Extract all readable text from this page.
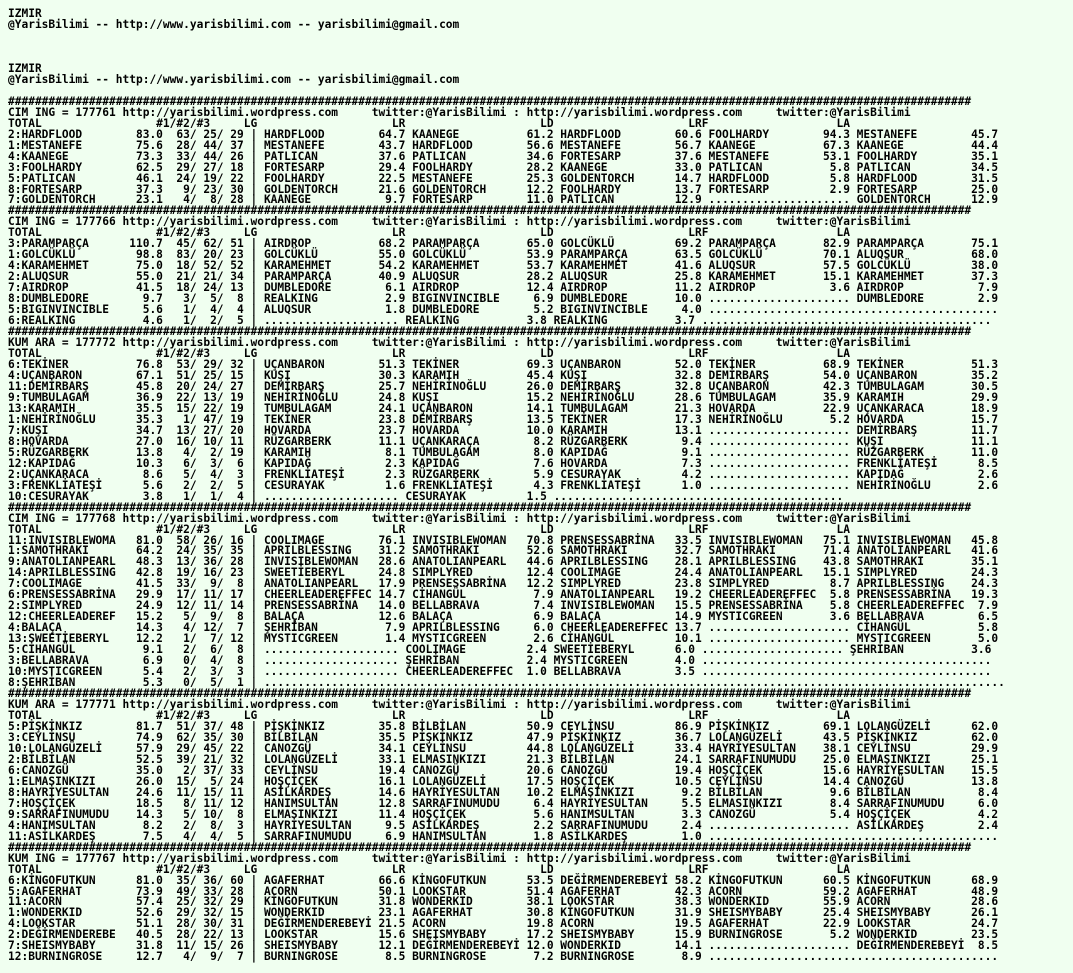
IZMIR
@YarisBilimi -- http://www.yarisbilimi.com -- yarisbilimi@gmail.com
IZMIR
@YarisBilimi -- http://www.yarisbilimi.com -- yarisbilimi@gmail.com
###############################################################################################################################################
CIM ING = 177761 http://yarisbilimi.wordpress.com     twitter:@YarisBilimi : http://yarisbilimi.wordpress.com     twitter:@YarisBilimi
TOTAL                 #1/#2/#3     LG                    LR                    LD                    LRF                   LA
2:HARDFLOOD        83.0  63/ 25/ 29 | HARDFLOOD        64.7 KAANEGE          61.2 HARDFLOOD        60.6 FOOLHARDY        94.3 MESTANEFE        45.7
1:MESTANEFE        75.6  28/ 44/ 37 | MESTANEFE        43.7 HARDFLOOD        56.6 MESTANEFE        56.7 KAANEGE          67.3 KAANEGE          44.4
4:KAANEGE          73.3  33/ 44/ 26 | PATLICAN         37.6 PATLICAN         34.6 FORTESARP        37.6 MESTANEFE        53.1 FOOLHARDY        35.1
3:FOOLHARDY        62.5  29/ 27/ 18 | FORTESARP        29.4 FOOLHARDY        28.2 KAANEGE          33.0 PATLICAN          5.8 PATLICAN         34.5
5:PATLICAN         46.1  24/ 19/ 22 | FOOLHARDY        22.5 MESTANEFE        25.3 GOLDENTORCH      14.7 HARDFLOOD         5.8 HARDFLOOD        31.5
8:FORTESARP        37.3   9/ 23/ 30 | GOLDENTORCH      21.6 GOLDENTORCH      12.2 FOOLHARDY        13.7 FORTESARP         2.9 FORTESARP        25.0
7:GOLDENTORCH      23.1   4/  8/ 28 | KAANEGE           9.7 FORTESARP        11.0 PATLICAN         12.9 ..................... GOLDENTORCH      12.9
###############################################################################################################################################
CIM ING = 177766 http://yarisbilimi.wordpress.com     twitter:@YarisBilimi : http://yarisbilimi.wordpress.com     twitter:@YarisBilimi
TOTAL                 #1/#2/#3     LG                    LR                    LD                    LRF                   LA
3:PARAMPARÇA      110.7  45/ 62/ 51 | AIRDROP          68.2 PARAMPARÇA       65.0 GOLCÜKLÜ         69.2 PARAMPARÇA       82.9 PARAMPARÇA       75.1
1:GOLCÜKLÜ         98.8  83/ 20/ 23 | GOLCÜKLÜ         55.0 GOLCÜKLÜ         53.9 PARAMPARÇA       63.5 GOLCÜKLÜ         70.1 ALUQSUR          68.0
4:KARAMEHMET       75.0  18/ 52/ 52 | KARAMEHMET       54.2 KARAMEHMET       53.7 KARAMEHMET       41.6 ALUQSUR          57.5 GOLCÜKLÜ         38.0
2:ALUQSUR          55.0  21/ 21/ 34 | PARAMPARÇA       40.9 ALUQSUR          28.2 ALUQSUR          25.8 KARAMEHMET       15.1 KARAMEHMET       37.3
7:AIRDROP          41.5  18/ 24/ 13 | DUMBLEDORE        6.1 AIRDROP          12.4 AIRDROP          11.2 AIRDROP           3.6 AIRDROP           7.9
8:DUMBLEDORE        9.7   3/  5/  8 | REALKING          2.9 BIGINVINCIBLE     6.9 DUMBLEDORE       10.0 ..................... DUMBLEDORE        2.9
5:BIGINVINCIBLE     5.6   1/  4/  4 | ALUQSUR           1.8 DUMBLEDORE        5.2 BIGINVINCIBLE     4.0 ...........................................
6:REALKING          4.6   1/  2/  5 | .................... REALKING          3.8 REALKING          3.7 ...........................................
###############################################################################################################################################
KUM ARA = 177772 http://yarisbilimi.wordpress.com     twitter:@YarisBilimi : http://yarisbilimi.wordpress.com     twitter:@YarisBilimi
TOTAL                 #1/#2/#3     LG                    LR                    LD                    LRF                   LA
6:TEKİNER          76.8  53/ 29/ 32 | UÇANBARON        51.3 TEKİNER          69.3 UÇANBARON        52.0 TEKİNER          68.9 TEKİNER          51.3
4:UÇANBARON        67.1  51/ 25/ 15 | KUŞI             30.3 KARAMIH          45.4 KUŞI             32.8 DEMİRBARŞ        54.0 UÇANBARON        35.2
11:DEMİRBARŞ       45.8  20/ 24/ 27 | DEMİRBARŞ        25.7 NEHİRİNOĞLU      26.0 DEMİRBARŞ        32.8 UÇANBARON        42.3 TUMBULAGAM       30.5
9:TUMBULAGAM       36.9  22/ 13/ 19 | NEHİRİNOĞLU      24.8 KUŞI             15.2 NEHİRİNOĞLU      28.6 TUMBULAGAM       35.9 KARAMIH          29.9
13:KARAMIH         35.5  15/ 22/ 19 | TUMBULAGAM       24.1 UÇANBARON        14.1 TUMBULAGAM       21.3 HOVARDA          22.9 UÇANKARACA       18.9
1:NEHİRİNOĞLU      35.3   1/ 47/ 19 | TEKİNER          23.8 DEMİRBARŞ        13.5 TEKİNER          17.3 NEHİRİNOĞLU       5.2 HOVARDA          15.7
7:KUŞI             34.7  13/ 27/ 20 | HOVARDA          23.7 HOVARDA          10.0 KARAMIH          13.1 ..................... DEMİRBARŞ        11.7
8:HOVARDA          27.0  16/ 10/ 11 | RÜZGARBERK       11.1 UÇANKARAÇA        8.2 RÜZGARBERK        9.4 ..................... KUŞI             11.1
5:RÜZGARBERK       13.8   4/  2/ 19 | KARAMIH           8.1 TUMBULAGAM        8.0 KAPIDAĞ           9.1 ..................... RÜZGARBERK       11.0
12:KAPIDAĞ         10.3   6/  3/  6 | KAPIDAĞ           2.3 KAPIDAĞ           7.6 HOVARDA           7.3 ..................... FRENKLİATEŞİ      8.5
2:UÇANKARACA        8.6   5/  4/  3 | FRENKLİATEŞİ      2.3 RÜZGARBERK        5.9 CESURAYAK         4.2 ..................... KAPIDAĞ           2.6
3:FRENKLİATEŞİ      5.6   2/  2/  5 | CESURAYAK         1.6 FRENKLİATEŞİ      4.3 FRENKLİATEŞİ      1.0 ..................... NEHİRİNOĞLU       2.6
10:CESURAYAK        3.8   1/  1/  4 | .................... CESURAYAK         1.5 ...........................................
###############################################################################################################################################
CIM ING = 177768 http://yarisbilimi.wordpress.com     twitter:@YarisBilimi : http://yarisbilimi.wordpress.com     twitter:@YarisBilimi
TOTAL                 #1/#2/#3     LG                    LR                    LD                    LRF                   LA
11:INVISIBLEWOMA   81.0  58/ 26/ 16 | COOLIMAGE        76.1 INVISIBLEWOMAN   70.8 PRENSESSABRİNA   33.5 INVISIBLEWOMAN   75.1 INVISIBLEWOMAN   45.8
1:SAMOTHRAKI       64.2  24/ 35/ 35 | APRILBLESSING    31.2 SAMOTHRAKI       52.6 SAMOTHRAKI       32.7 SAMOTHRAKI       71.4 ANATOLIANPEARL   41.6
9:ANATOLIANPEARL   48.3  13/ 36/ 28 | INVISIBLEWOMAN   28.6 ANATOLIANPEARL   44.6 APRILBLESSING    28.1 APRILBLESSING    43.8 SAMOTHRAKI       35.1
14:APRILBLESSING   42.8  19/ 16/ 23 | SWEETİEBERYL     24.8 SIMPLYRED        12.4 COOLIMAGE        24.4 ANATOLIANPEARL   15.1 SIMPLYRED        24.3
7:COOLIMAGE        41.5  33/  9/  8 | ANATOLIANPEARL   17.9 PRENSESSABRİNA   12.2 SIMPLYRED        23.8 SIMPLYRED         8.7 APRILBLESSING    24.3
6:PRENSESSABRİNA   29.9  17/ 11/ 17 | CHEERLEADEREFFEC 14.7 CİHANGÜL          7.9 ANATOLIANPEARL   19.2 CHEERLEADEREFFEC  5.8 PRENSESSABRİNA   19.3
2:SIMPLYRED        24.9  12/ 11/ 14 | PRENSESSABRİNA   14.0 BELLABRAVA        7.4 INVISIBLEWOMAN   15.5 PRENSESSABRİNA    5.8 CHEERLEADEREFFEC  7.9
12:CHEERLEADEREF   15.2   5/  9/  8 | BALAÇA           12.6 BALAÇA            6.9 BALAÇA           14.9 MYSTICGREEN       3.6 BELLABRAVA        6.5
4:BALAÇA           14.3   4/ 12/  7 | ŞEHRİBAN          7.9 APRILBLESSING     6.0 CHEERLEADEREFFEC 13.7 ..................... CİHANGÜL          5.8
13:SWEETİEBERYL    12.2   1/  7/ 12 | MYSTICGREEN       1.4 MYSTICGREEN       2.6 CİHANGÜL         10.1 ..................... MYSTICGREEN       5.0
5:CİHANGÜL          9.1   2/  6/  8 | .................... COOLIMAGE         2.4 SWEETİEBERYL      6.0 ..................... ŞEHRİBAN          3.6
3:BELLABRAVA        6.9   0/  4/  8 | .................... ŞEHRİBAN          2.4 MYSTICGREEN       4.0 ...........................................
10:MYSTICGREEN      5.4   2/  3/  3 | .................... CHEERLEADEREFFEC  1.0 BELLABRAVA        3.5 ...........................................
8:ŞEHRİBAN          5.3   0/  5/  1 | ..............................................................................................................
###############################################################################################################################################
KUM ARA = 177771 http://yarisbilimi.wordpress.com     twitter:@YarisBilimi : http://yarisbilimi.wordpress.com     twitter:@YarisBilimi
TOTAL                 #1/#2/#3     LG                    LR                    LD                    LRF                   LA
5:PİŞKİNKIZ        81.7  51/ 37/ 48 | PİŞKİNKIZ        35.8 BİLBİLAN         50.9 CEYLİNSU         86.9 PİŞKİNKIZ        69.1 LOLANGÜZELİ      62.0
3:CEYLİNSU         74.9  62/ 35/ 30 | BİLBİLAN         35.5 PİŞKİNKIZ        47.9 PİŞKİNKIZ        36.7 LOLANGÜZELİ      43.5 PİŞKİNKIZ        62.0
10:LOLANGÜZELİ     57.9  29/ 45/ 22 | CANOZGÜ          34.1 CEYLİNSU         44.8 LOLANGÜZELİ      33.4 HAYRİYESULTAN    38.1 CEYLİNSU         29.9
2:BİLBİLAN         52.5  39/ 21/ 32 | LOLANGÜZELİ      33.1 ELMASINKIZI      21.3 BİLBİLAN         24.1 SARRAFINUMUDU    25.0 ELMASINKIZI      25.1
6:CANOZGÜ          35.0   2/ 37/ 33 | CEYLİNSU         19.4 CANOZGÜ          20.6 CANOZGÜ          19.4 HOŞÇİÇEK         15.6 HAYRİYESULTAN    15.5
1:ELMASINKIZI      26.0  15/  5/ 24 | HOŞÇİÇEK         16.1 LOLANGÜZELİ      17.5 HOŞÇİÇEK         10.5 CEYLİNSU         14.4 CANOZGÜ          13.8
8:HAYRİYESULTAN    24.6  11/ 15/ 11 | ASİLKARDEŞ       14.6 HAYRİYESULTAN    10.2 ELMASINKIZI       9.2 BİLBİLAN          9.6 BİLBİLAN          8.4
7:HOŞÇİÇEK         18.5   8/ 11/ 12 | HANIMSULTAN      12.8 SARRAFINUMUDU     6.4 HAYRİYESULTAN     5.5 ELMASINKIZI       8.4 SARRAFINUMUDU     6.0
9:SARRAFINUMUDU    14.3   5/ 10/  8 | ELMASINKIZI      11.4 HOŞÇİÇEK          5.6 HANIMSULTAN       3.3 CANOZGÜ           5.4 HOŞÇİÇEK          4.2
4:HANIMSULTAN       8.2   2/  8/  3 | HAYRİYESULTAN     9.5 ASİLKARDEŞ        2.2 SARRAFINUMUDU     2.4 ..................... ASİLKARDEŞ        2.4
11:ASİLKARDEŞ       7.5   4/  4/  5 | SARRAFINUMUDU     6.9 HANIMSULTAN       1.8 ASİLKARDEŞ        1.0 ...........................................
###############################################################################################################################################
KUM ING = 177767 http://yarisbilimi.wordpress.com     twitter:@YarisBilimi : http://yarisbilimi.wordpress.com     twitter:@YarisBilimi
TOTAL                 #1/#2/#3     LG                    LR                    LD                    LRF                   LA
6:KİNGOFUTKUN      81.0  35/ 36/ 60 | AGAFERHAT        66.6 KİNGOFUTKUN      53.5 DEĞİRMENDEREBEYİ 58.2 KİNGOFUTKUN      60.5 KİNGOFUTKUN      68.9
5:AGAFERHAT        73.9  49/ 33/ 28 | ACORN            50.1 LOOKSTAR         51.4 AGAFERHAT        42.3 ACORN            59.2 AGAFERHAT        48.9
11:ACORN           57.4  25/ 32/ 29 | KİNGOFUTKUN      31.8 WONDERKID        38.1 LOOKSTAR         38.3 WONDERKID        55.9 ACORN            28.6
1:WONDERKID        52.6  29/ 32/ 15 | WONDERKID        23.1 AGAFERHAT        30.8 KİNGOFUTKUN      31.9 SHEISMYBABY      25.4 SHEISMYBABY      26.1
4:LOOKSTAR         51.1  28/ 30/ 31 | DEĞİRMENDEREBEYİ 21.5 ACORN            19.8 ACORN            19.5 AGAFERHAT        22.9 LOOKSTAR         24.7
2:DEĞİRMENDEREBE   40.5  28/ 22/ 13 | LOOKSTAR         15.6 SHEISMYBABY      17.2 SHEISMYBABY      15.9 BURNINGROSE       5.2 WONDERKID        23.5
7:SHEISMYBABY      31.8  11/ 15/ 26 | SHEISMYBABY      12.1 DEĞİRMENDEREBEYİ 12.0 WONDERKID        14.1 ..................... DEĞİRMENDEREBEYİ  8.5
12:BURNINGROSE     12.7   4/  9/  7 | BURNINGROSE       8.5 BURNINGROSE       7.2 BURNINGROSE       8.9 ...........................................
